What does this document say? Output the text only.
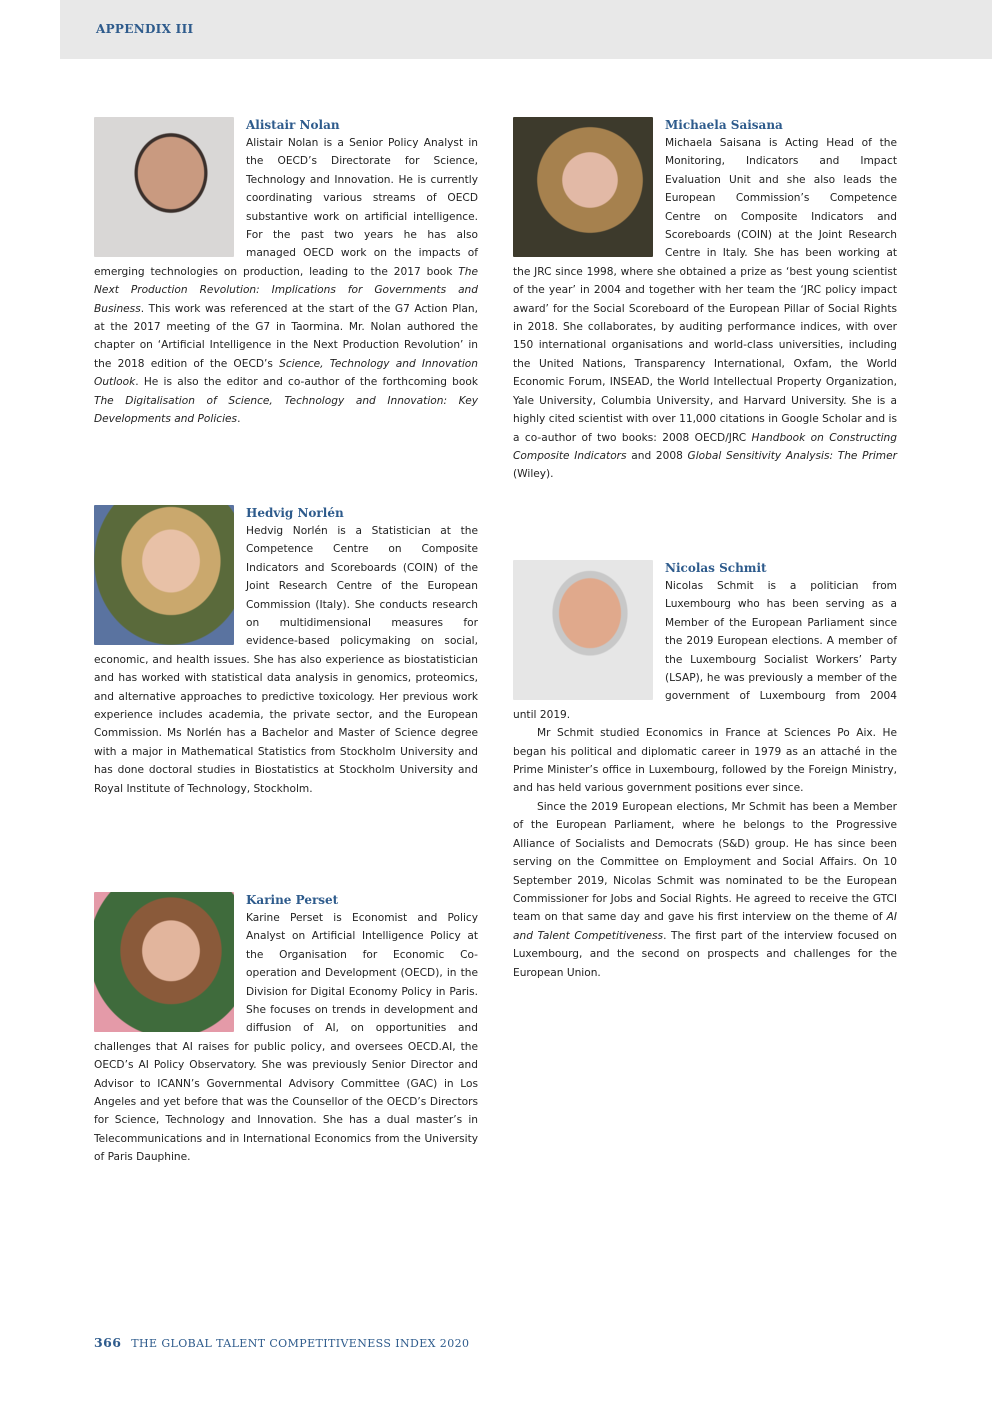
APPENDIX III
Alistair Nolan

Alistair Nolan is a Senior Policy Analyst in the OECD’s Directorate for Science, Technology and Innovation. He is currently coordinating various streams of OECD substantive work on artificial intelligence. For the past two years he has also managed OECD work on the impacts of emerging technologies on production, leading to the 2017 book The Next Production Revolution: Implications for Governments and Business. This work was referenced at the start of the G7 Action Plan, at the 2017 meeting of the G7 in Taormina. Mr. Nolan authored the chapter on ‘Artificial Intelligence in the Next Production Revolution’ in the 2018 edition of the OECD’s Science, Technology and Innovation Outlook. He is also the editor and co-author of the forthcoming book The Digitalisation of Science, Technology and Innovation: Key Developments and Policies.

Michaela Saisana

Michaela Saisana is Acting Head of the Monitoring, Indicators and Impact Evaluation Unit and she also leads the European Commission’s Competence Centre on Composite Indicators and Scoreboards (COIN) at the Joint Research Centre in Italy. She has been working at the JRC since 1998, where she obtained a prize as ‘best young scientist of the year’ in 2004 and together with her team the ‘JRC policy impact award’ for the Social Scoreboard of the European Pillar of Social Rights in 2018. She collaborates, by auditing performance indices, with over 150 international organisations and world-class universities, including the United Nations, Transparency International, Oxfam, the World Economic Forum, INSEAD, the World Intellectual Property Organization, Yale University, Columbia University, and Harvard University. She is a highly cited scientist with over 11,000 citations in Google Scholar and is a co-author of two books: 2008 OECD/JRC Handbook on Constructing Composite Indicators and 2008 Global Sensitivity Analysis: The Primer (Wiley).

Hedvig Norlén

Hedvig Norlén is a Statistician at the Competence Centre on Composite Indicators and Scoreboards (COIN) of the Joint Research Centre of the European Commission (Italy). She conducts research on multidimensional measures for evidence-based policymaking on social, economic, and health issues. She has also experience as biostatistician and has worked with statistical data analysis in genomics, proteomics, and alternative approaches to predictive toxicology. Her previous work experience includes academia, the private sector, and the European Commission. Ms Norlén has a Bachelor and Master of Science degree with a major in Mathematical Statistics from Stockholm University and has done doctoral studies in Biostatistics at Stockholm University and Royal Institute of Technology, Stockholm.

Nicolas Schmit

Nicolas Schmit is a politician from Luxembourg who has been serving as a Member of the European Parliament since the 2019 European elections. A member of the Luxembourg Socialist Workers’ Party (LSAP), he was previously a member of the government of Luxembourg from 2004 until 2019.

Mr Schmit studied Economics in France at Sciences Po Aix. He began his political and diplomatic career in 1979 as an attaché in the Prime Minister’s office in Luxembourg, followed by the Foreign Ministry, and has held various government positions ever since.

Since the 2019 European elections, Mr Schmit has been a Member of the European Parliament, where he belongs to the Progressive Alliance of Socialists and Democrats (S&D) group. He has since been serving on the Committee on Employment and Social Affairs. On 10 September 2019, Nicolas Schmit was nominated to be the European Commissioner for Jobs and Social Rights. He agreed to receive the GTCI team on that same day and gave his first interview on the theme of AI and Talent Competitiveness. The first part of the interview focused on Luxembourg, and the second on prospects and challenges for the European Union.

Karine Perset

Karine Perset is Economist and Policy Analyst on Artificial Intelligence Policy at the Organisation for Economic Co-operation and Development (OECD), in the Division for Digital Economy Policy in Paris. She focuses on trends in development and diffusion of AI, on opportunities and challenges that AI raises for public policy, and oversees OECD.AI, the OECD’s AI Policy Observatory. She was previously Senior Director and Advisor to ICANN’s Governmental Advisory Committee (GAC) in Los Angeles and yet before that was the Counsellor of the OECD’s Directors for Science, Technology and Innovation. She has a dual master’s in Telecommunications and in International Economics from the University of Paris Dauphine.

366 THE GLOBAL TALENT COMPETITIVENESS INDEX 2020
